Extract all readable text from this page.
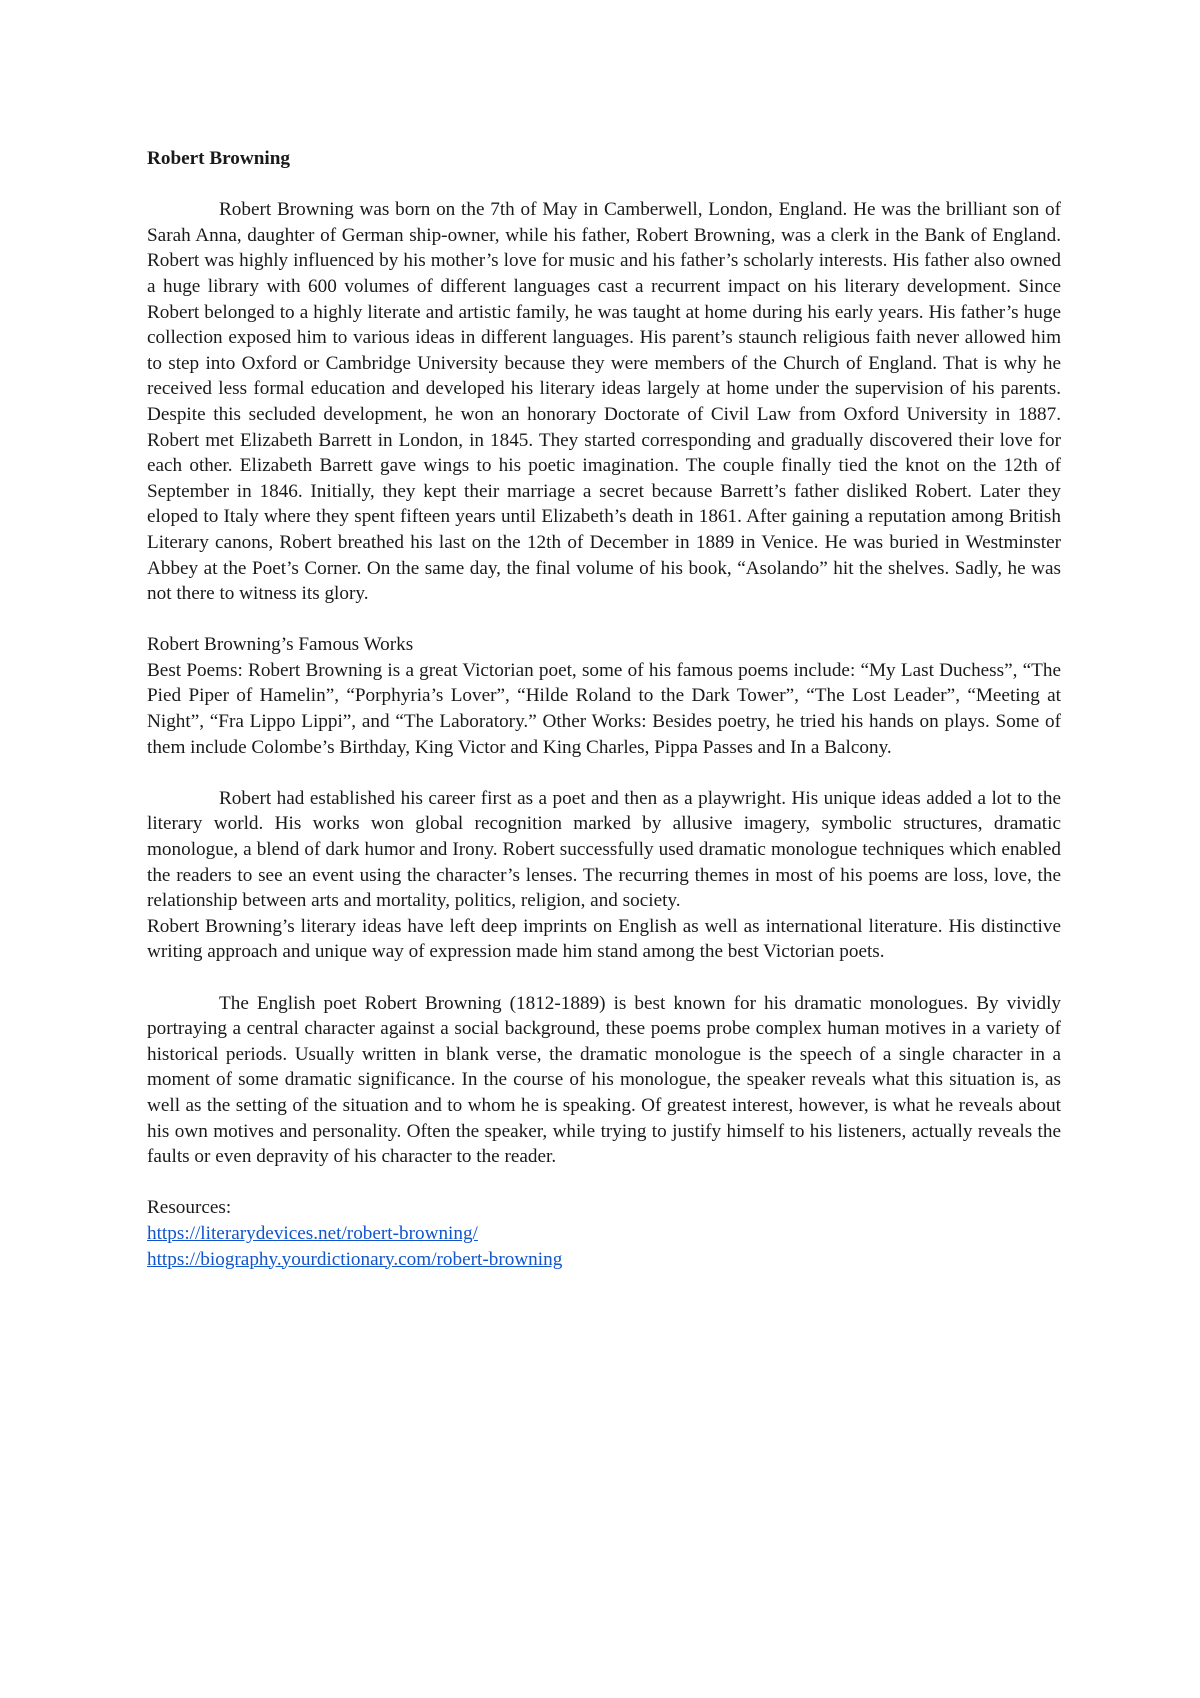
Robert Browning

Robert Browning was born on the 7th of May in Camberwell, London, England. He was the brilliant son of Sarah Anna, daughter of German ship-owner, while his father, Robert Browning, was a clerk in the Bank of England. Robert was highly influenced by his mother’s love for music and his father’s scholarly interests. His father also owned a huge library with 600 volumes of different languages cast a recurrent impact on his literary development. Since Robert belonged to a highly literate and artistic family, he was taught at home during his early years. His father’s huge collection exposed him to various ideas in different languages. His parent’s staunch religious faith never allowed him to step into Oxford or Cambridge University because they were members of the Church of England. That is why he received less formal education and developed his literary ideas largely at home under the supervision of his parents. Despite this secluded development, he won an honorary Doctorate of Civil Law from Oxford University in 1887. Robert met Elizabeth Barrett in London, in 1845. They started corresponding and gradually discovered their love for each other. Elizabeth Barrett gave wings to his poetic imagination. The couple finally tied the knot on the 12th of September in 1846. Initially, they kept their marriage a secret because Barrett’s father disliked Robert. Later they eloped to Italy where they spent fifteen years until Elizabeth’s death in 1861. After gaining a reputation among British Literary canons, Robert breathed his last on the 12th of December in 1889 in Venice. He was buried in Westminster Abbey at the Poet’s Corner. On the same day, the final volume of his book, “Asolando” hit the shelves. Sadly, he was not there to witness its glory.

Robert Browning’s Famous Works

Best Poems: Robert Browning is a great Victorian poet, some of his famous poems include: “My Last Duchess”, “The Pied Piper of Hamelin”, “Porphyria’s Lover”, “Hilde Roland to the Dark Tower”, “The Lost Leader”, “Meeting at Night”, “Fra Lippo Lippi”, and “The Laboratory.” Other Works: Besides poetry, he tried his hands on plays. Some of them include Colombe’s Birthday, King Victor and King Charles, Pippa Passes and In a Balcony.

Robert had established his career first as a poet and then as a playwright. His unique ideas added a lot to the literary world. His works won global recognition marked by allusive imagery, symbolic structures, dramatic monologue, a blend of dark humor and Irony. Robert successfully used dramatic monologue techniques which enabled the readers to see an event using the character’s lenses. The recurring themes in most of his poems are loss, love, the relationship between arts and mortality, politics, religion, and society.

Robert Browning’s literary ideas have left deep imprints on English as well as international literature. His distinctive writing approach and unique way of expression made him stand among the best Victorian poets.

The English poet Robert Browning (1812-1889) is best known for his dramatic monologues. By vividly portraying a central character against a social background, these poems probe complex human motives in a variety of historical periods. Usually written in blank verse, the dramatic monologue is the speech of a single character in a moment of some dramatic significance. In the course of his monologue, the speaker reveals what this situation is, as well as the setting of the situation and to whom he is speaking. Of greatest interest, however, is what he reveals about his own motives and personality. Often the speaker, while trying to justify himself to his listeners, actually reveals the faults or even depravity of his character to the reader.

Resources:
https://literarydevices.net/robert-browning/
https://biography.yourdictionary.com/robert-browning
